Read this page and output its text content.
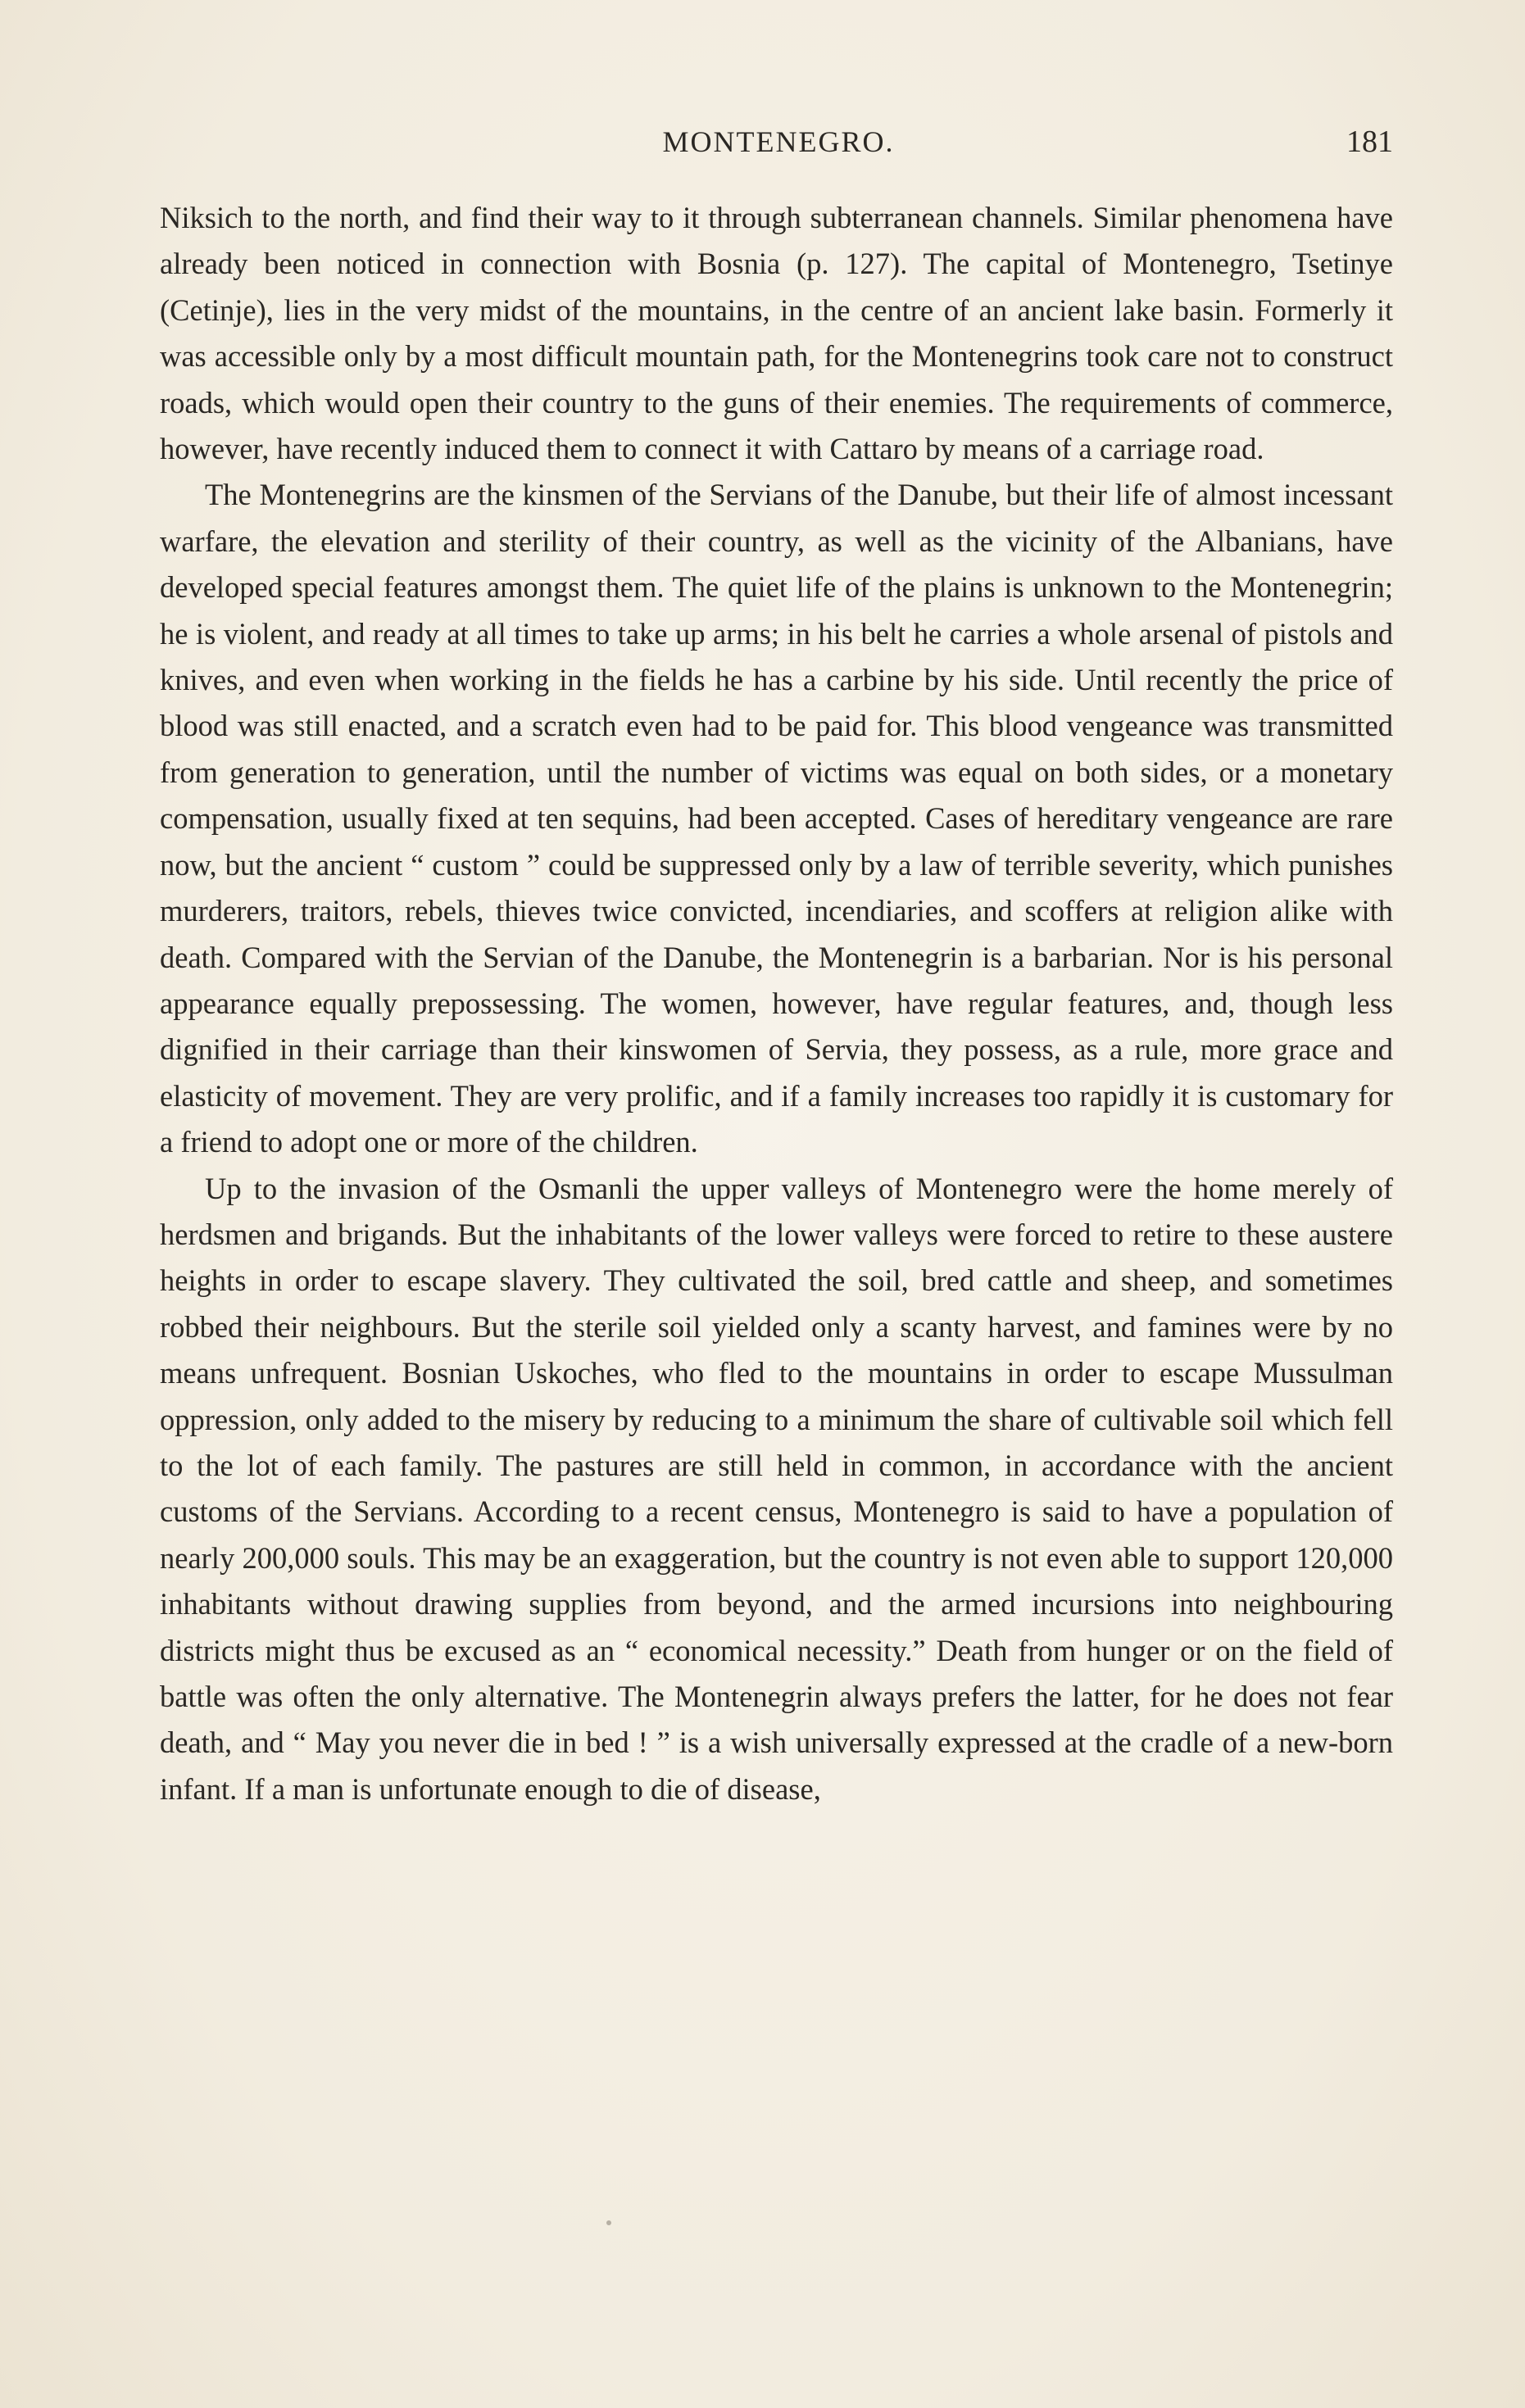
MONTENEGRO.	181

Niksich to the north, and find their way to it through subterranean channels. Similar phenomena have already been noticed in connection with Bosnia (p. 127). The capital of Montenegro, Tsetinye (Cetinje), lies in the very midst of the mountains, in the centre of an ancient lake basin. Formerly it was accessible only by a most difficult mountain path, for the Montenegrins took care not to construct roads, which would open their country to the guns of their enemies. The requirements of commerce, however, have recently induced them to connect it with Cattaro by means of a carriage road.

The Montenegrins are the kinsmen of the Servians of the Danube, but their life of almost incessant warfare, the elevation and sterility of their country, as well as the vicinity of the Albanians, have developed special features amongst them. The quiet life of the plains is unknown to the Montenegrin; he is violent, and ready at all times to take up arms; in his belt he carries a whole arsenal of pistols and knives, and even when working in the fields he has a carbine by his side. Until recently the price of blood was still enacted, and a scratch even had to be paid for. This blood vengeance was transmitted from generation to generation, until the number of victims was equal on both sides, or a monetary compensation, usually fixed at ten sequins, had been accepted. Cases of hereditary vengeance are rare now, but the ancient “ custom ” could be suppressed only by a law of terrible severity, which punishes murderers, traitors, rebels, thieves twice convicted, incendiaries, and scoffers at religion alike with death. Compared with the Servian of the Danube, the Montenegrin is a barbarian. Nor is his personal appearance equally prepossessing. The women, however, have regular features, and, though less dignified in their carriage than their kinswomen of Servia, they possess, as a rule, more grace and elasticity of movement. They are very prolific, and if a family increases too rapidly it is customary for a friend to adopt one or more of the children.

Up to the invasion of the Osmanli the upper valleys of Montenegro were the home merely of herdsmen and brigands. But the inhabitants of the lower valleys were forced to retire to these austere heights in order to escape slavery. They cultivated the soil, bred cattle and sheep, and sometimes robbed their neighbours. But the sterile soil yielded only a scanty harvest, and famines were by no means unfrequent. Bosnian Uskoches, who fled to the mountains in order to escape Mussulman oppression, only added to the misery by reducing to a minimum the share of cultivable soil which fell to the lot of each family. The pastures are still held in common, in accordance with the ancient customs of the Servians. According to a recent census, Montenegro is said to have a population of nearly 200,000 souls. This may be an exaggeration, but the country is not even able to support 120,000 inhabitants without drawing supplies from beyond, and the armed incursions into neighbouring districts might thus be excused as an “ economical necessity.” Death from hunger or on the field of battle was often the only alternative. The Montenegrin always prefers the latter, for he does not fear death, and “ May you never die in bed ! ” is a wish universally expressed at the cradle of a new-born infant. If a man is unfortunate enough to die of disease,
